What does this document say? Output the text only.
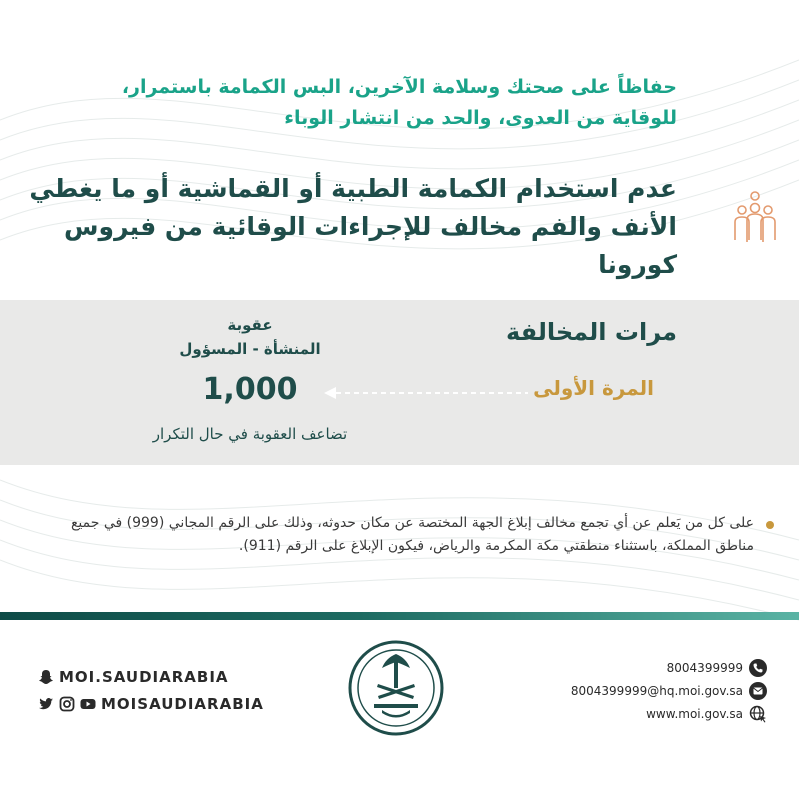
حفاظاً على صحتك وسلامة الآخرين، البس الكمامة باستمرار،
للوقاية من العدوى، والحد من انتشار الوباء
عدم استخدام الكمامة الطبية أو القماشية أو ما يغطي
الأنف والفم مخالف للإجراءات الوقائية من فيروس كورونا
مرات المخالفة
المرة الأولى
عقوبة
المنشأة - المسؤول
1,000
تضاعف العقوبة في حال التكرار
على كل من يَعلم عن أي تجمع مخالف إبلاغ الجهة المختصة عن مكان حدوثه، وذلك على الرقم المجاني (999) في جميع مناطق المملكة، باستثناء منطقتي مكة المكرمة والرياض، فيكون الإبلاغ على الرقم (911).
MOI.SAUDIARABIA
MOISAUDIARABIA
8004399999
8004399999@hq.moi.gov.sa
www.moi.gov.sa
